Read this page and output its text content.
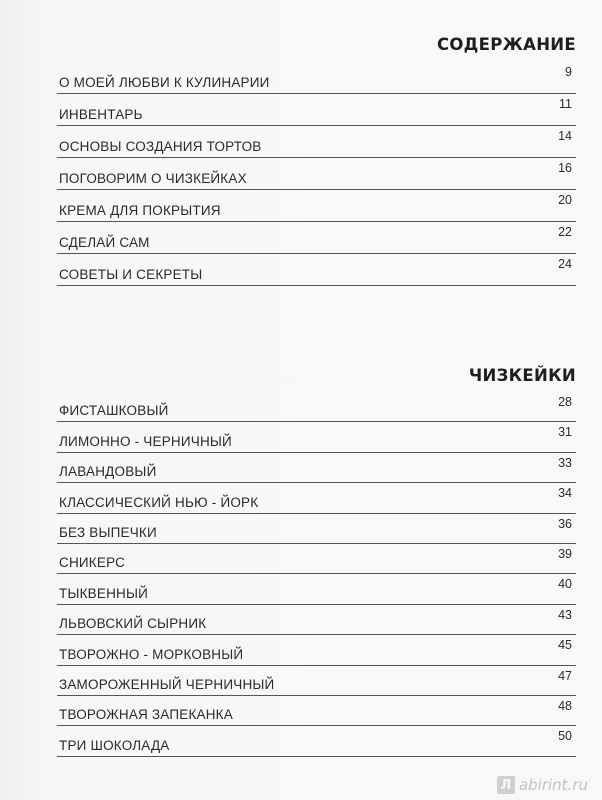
СОДЕРЖАНИЕ
О МОЕЙ ЛЮБВИ К КУЛИНАРИИ
9
ИНВЕНТАРЬ
11
ОСНОВЫ СОЗДАНИЯ ТОРТОВ
14
ПОГОВОРИМ О ЧИЗКЕЙКАХ
16
КРЕМА ДЛЯ ПОКРЫТИЯ
20
СДЕЛАЙ САМ
22
СОВЕТЫ И СЕКРЕТЫ
24
ЧИЗКЕЙКИ
ФИСТАШКОВЫЙ
28
ЛИМОННО - ЧЕРНИЧНЫЙ
31
ЛАВАНДОВЫЙ
33
КЛАССИЧЕСКИЙ НЬЮ - ЙОРК
34
БЕЗ ВЫПЕЧКИ
36
СНИКЕРС
39
ТЫКВЕННЫЙ
40
ЛЬВОВСКИЙ СЫРНИК
43
ТВОРОЖНО - МОРКОВНЫЙ
45
ЗАМОРОЖЕННЫЙ ЧЕРНИЧНЫЙ
47
ТВОРОЖНАЯ ЗАПЕКАНКА
48
ТРИ ШОКОЛАДА
50
Л abirint.ru
